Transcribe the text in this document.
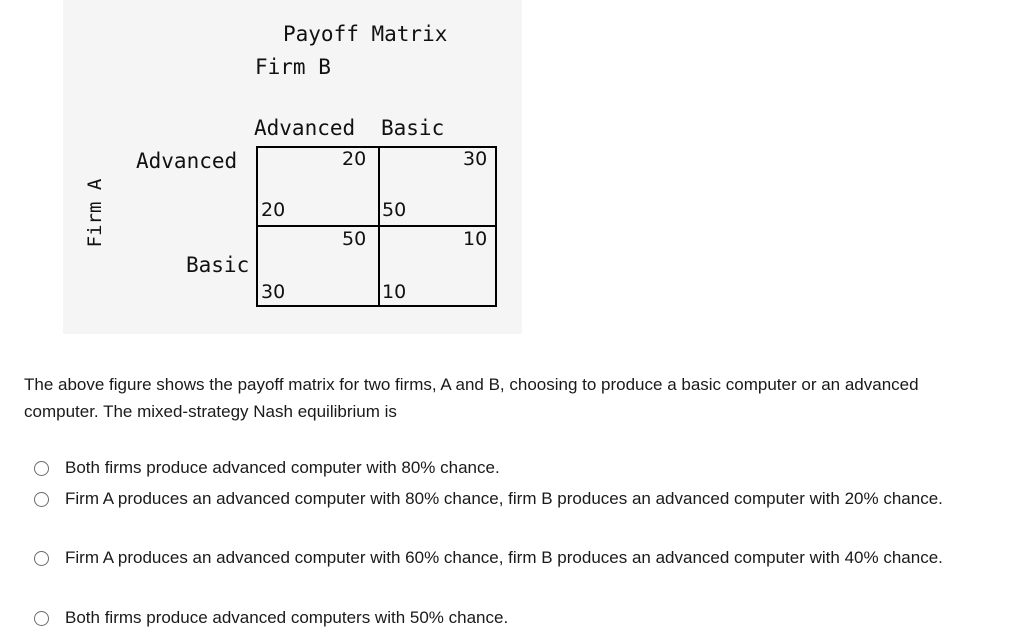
Payoff Matrix
Firm B
Advanced Basic
Advanced
Basic
Firm A
20
20
30
50
50
30
10
10
The above figure shows the payoff matrix for two firms, A and B, choosing to produce a basic computer or an advanced computer. The mixed-strategy Nash equilibrium is
Both firms produce advanced computer with 80% chance.
Firm A produces an advanced computer with 80% chance, firm B produces an advanced computer with 20% chance.
Firm A produces an advanced computer with 60% chance, firm B produces an advanced computer with 40% chance.
Both firms produce advanced computers with 50% chance.
